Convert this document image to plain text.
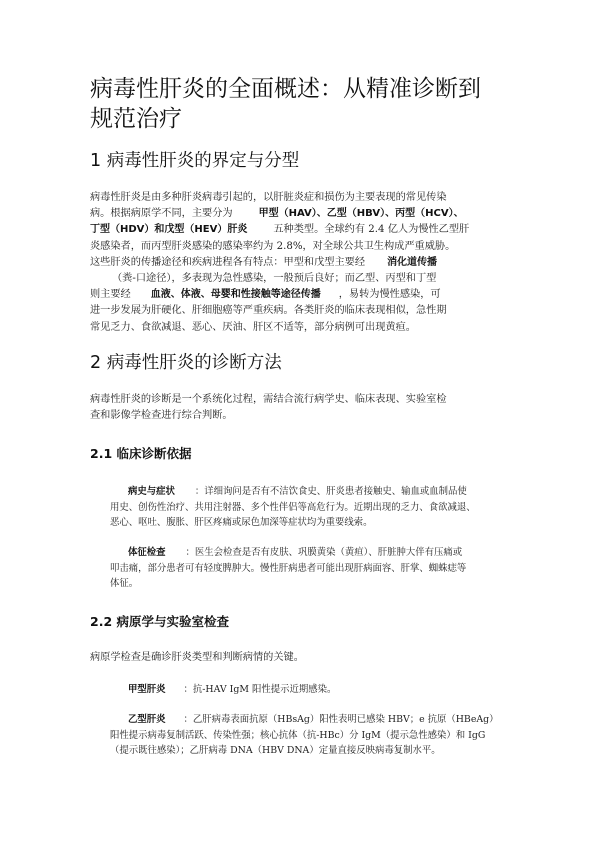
病毒性肝炎的全面概述：从精准诊断到
规范治疗
1 病毒性肝炎的界定与分型
病毒性肝炎是由多种肝炎病毒引起的，以肝脏炎症和损伤为主要表现的常见传染
病。根据病原学不同，主要分为	甲型（HAV）、乙型（HBV）、丙型（HCV）、
丁型（HDV）和戊型（HEV）肝炎	五种类型。全球约有 2.4 亿人为慢性乙型肝
炎感染者，而丙型肝炎感染的感染率约为 2.8%，对全球公共卫生构成严重威胁。
这些肝炎的传播途径和疾病进程各有特点：甲型和戊型主要经 消化道传播
（粪-口途径），多表现为急性感染，一般预后良好；而乙型、丙型和丁型
则主要经 血液、体液、母婴和性接触等途径传播 ，易转为慢性感染，可
进一步发展为肝硬化、肝细胞癌等严重疾病。各类肝炎的临床表现相似，急性期
常见乏力、食欲减退、恶心、厌油、肝区不适等，部分病例可出现黄疸。
2 病毒性肝炎的诊断方法
病毒性肝炎的诊断是一个系统化过程，需结合流行病学史、临床表现、实验室检
查和影像学检查进行综合判断。
2.1 临床诊断依据
病史与症状 ：详细询问是否有不洁饮食史、肝炎患者接触史、输血或血制品使
用史、创伤性治疗、共用注射器、多个性伴侣等高危行为。近期出现的乏力、食欲减退、
恶心、呕吐、腹胀、肝区疼痛或尿色加深等症状均为重要线索。
体征检查 ：医生会检查是否有皮肤、巩膜黄染（黄疸）、肝脏肿大伴有压痛或
叩击痛，部分患者可有轻度脾肿大。慢性肝病患者可能出现肝病面容、肝掌、蜘蛛痣等
体征。
2.2 病原学与实验室检查
病原学检查是确诊肝炎类型和判断病情的关键。
甲型肝炎 ：抗-HAV IgM 阳性提示近期感染。
乙型肝炎 ：乙肝病毒表面抗原（HBsAg）阳性表明已感染 HBV；e 抗原（HBeAg）
阳性提示病毒复制活跃、传染性强；核心抗体（抗-HBc）分 IgM（提示急性感染）和 IgG
（提示既往感染）；乙肝病毒 DNA（HBV DNA）定量直接反映病毒复制水平。
